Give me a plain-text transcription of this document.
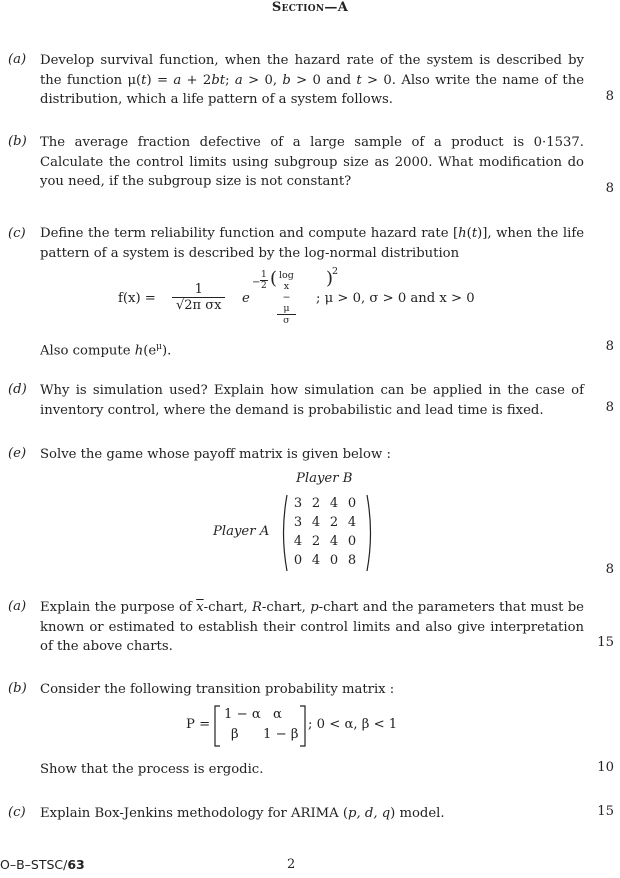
Section—A
(a) Develop survival function, when the hazard rate of the system is described by the function μ(t) = a + 2bt; a > 0, b > 0 and t > 0. Also write the name of the distribution, which a life pattern of a system follows.	8
(b) The average fraction defective of a large sample of a product is 0·1537. Calculate the control limits using subgroup size as 2000. What modification do you need, if the subgroup size is not constant?	8
(c) Define the term reliability function and compute hazard rate [h(t)], when the life pattern of a system is described by the log-normal distribution
$f(x) = \frac{1}{\text{√2π σx}}$ e
− $\frac{1}{2}$ ( $\frac{\text{log x − μ}}{\sigma}$ )
2
; μ > 0, σ > 0 and x > 0
Also compute $h(e^\mu)$.	8
(d) Why is simulation used? Explain how simulation can be applied in the case of inventory control, where the demand is probabilistic and lead time is fixed.	8
(e) Solve the game whose payoff matrix is given below :
Player B
Player A
3	2	4	0
3	4	2	4
4	2	4	0
0	4	0	8
8
(a) Explain the purpose of $\overline{x}$-chart, R-chart, p-chart and the parameters that must be known or estimated to establish their control limits and also give interpretation of the above charts.	15
(b) Consider the following transition probability matrix :
P =
1 − α α
β 1 − β
; 0 < α, β < 1
Show that the process is ergodic.	10
(c) Explain Box-Jenkins methodology for ARIMA (p, d, q) model.	15
O–B–STSC/63	2
